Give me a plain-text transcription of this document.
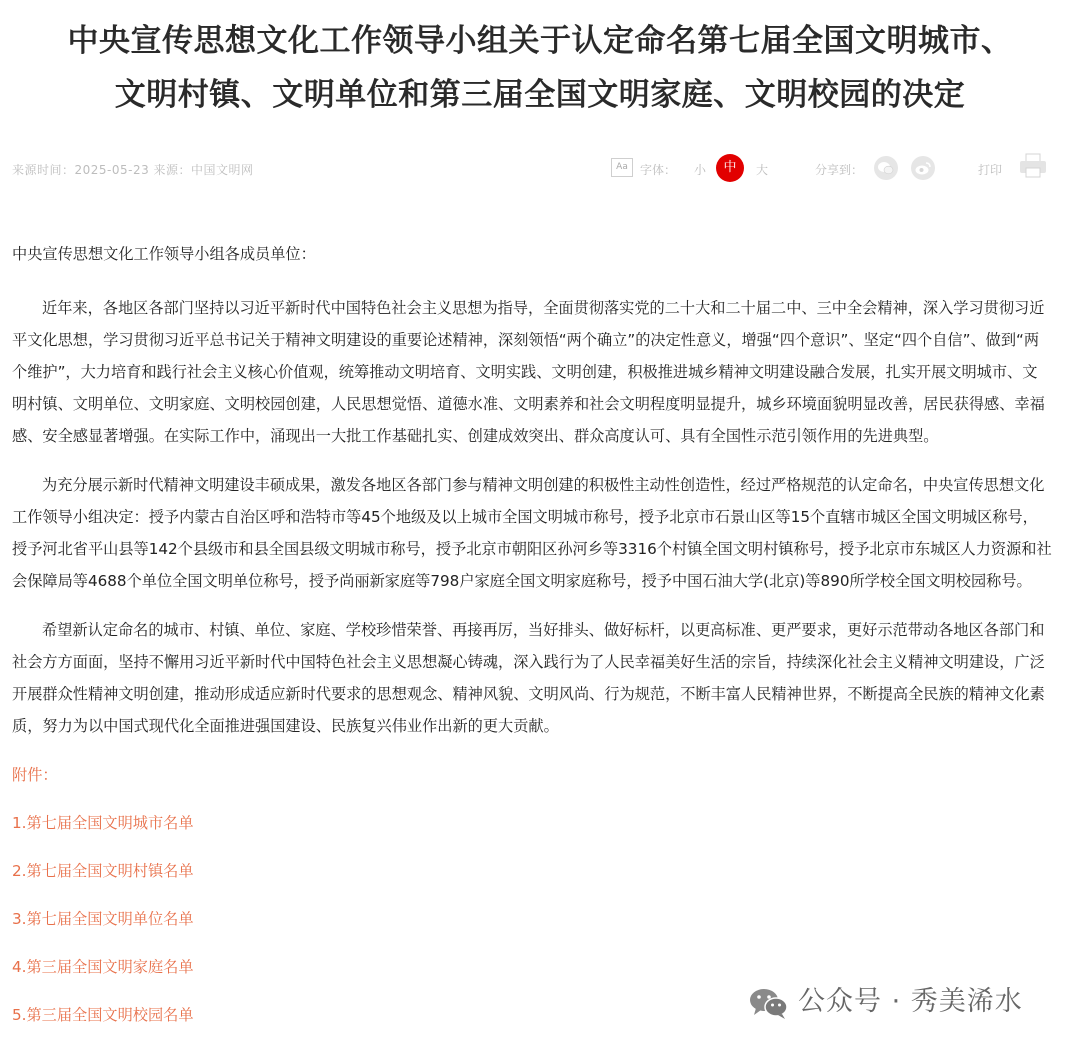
中央宣传思想文化工作领导小组关于认定命名第七届全国文明城市、
文明村镇、文明单位和第三届全国文明家庭、文明校园的决定
来源时间：2025-05-23 来源：中国文明网	Aa	字体： 小	中	大	分享到：	打印

中央宣传思想文化工作领导小组各成员单位：

近年来，各地区各部门坚持以习近平新时代中国特色社会主义思想为指导，全面贯彻落实党的二十大和二十届二中、三中全会精神，深入学习贯彻习近平文化思想，学习贯彻习近平总书记关于精神文明建设的重要论述精神，深刻领悟“两个确立”的决定性意义，增强“四个意识”、坚定“四个自信”、做到“两个维护”，大力培育和践行社会主义核心价值观，统筹推动文明培育、文明实践、文明创建，积极推进城乡精神文明建设融合发展，扎实开展文明城市、文明村镇、文明单位、文明家庭、文明校园创建，人民思想觉悟、道德水准、文明素养和社会文明程度明显提升，城乡环境面貌明显改善，居民获得感、幸福感、安全感显著增强。在实际工作中，涌现出一大批工作基础扎实、创建成效突出、群众高度认可、具有全国性示范引领作用的先进典型。

为充分展示新时代精神文明建设丰硕成果，激发各地区各部门参与精神文明创建的积极性主动性创造性，经过严格规范的认定命名，中央宣传思想文化工作领导小组决定：授予内蒙古自治区呼和浩特市等45个地级及以上城市全国文明城市称号，授予北京市石景山区等15个直辖市城区全国文明城区称号，授予河北省平山县等142个县级市和县全国县级文明城市称号，授予北京市朝阳区孙河乡等3316个村镇全国文明村镇称号，授予北京市东城区人力资源和社会保障局等4688个单位全国文明单位称号，授予尚丽新家庭等798户家庭全国文明家庭称号，授予中国石油大学(北京)等890所学校全国文明校园称号。

希望新认定命名的城市、村镇、单位、家庭、学校珍惜荣誉、再接再厉，当好排头、做好标杆，以更高标准、更严要求，更好示范带动各地区各部门和社会方方面面，坚持不懈用习近平新时代中国特色社会主义思想凝心铸魂，深入践行为了人民幸福美好生活的宗旨，持续深化社会主义精神文明建设，广泛开展群众性精神文明创建，推动形成适应新时代要求的思想观念、精神风貌、文明风尚、行为规范，不断丰富人民精神世界，不断提高全民族的精神文化素质，努力为以中国式现代化全面推进强国建设、民族复兴伟业作出新的更大贡献。

附件：

1.第七届全国文明城市名单

2.第七届全国文明村镇名单

3.第七届全国文明单位名单

4.第三届全国文明家庭名单

5.第三届全国文明校园名单	公众号 · 秀美浠水
